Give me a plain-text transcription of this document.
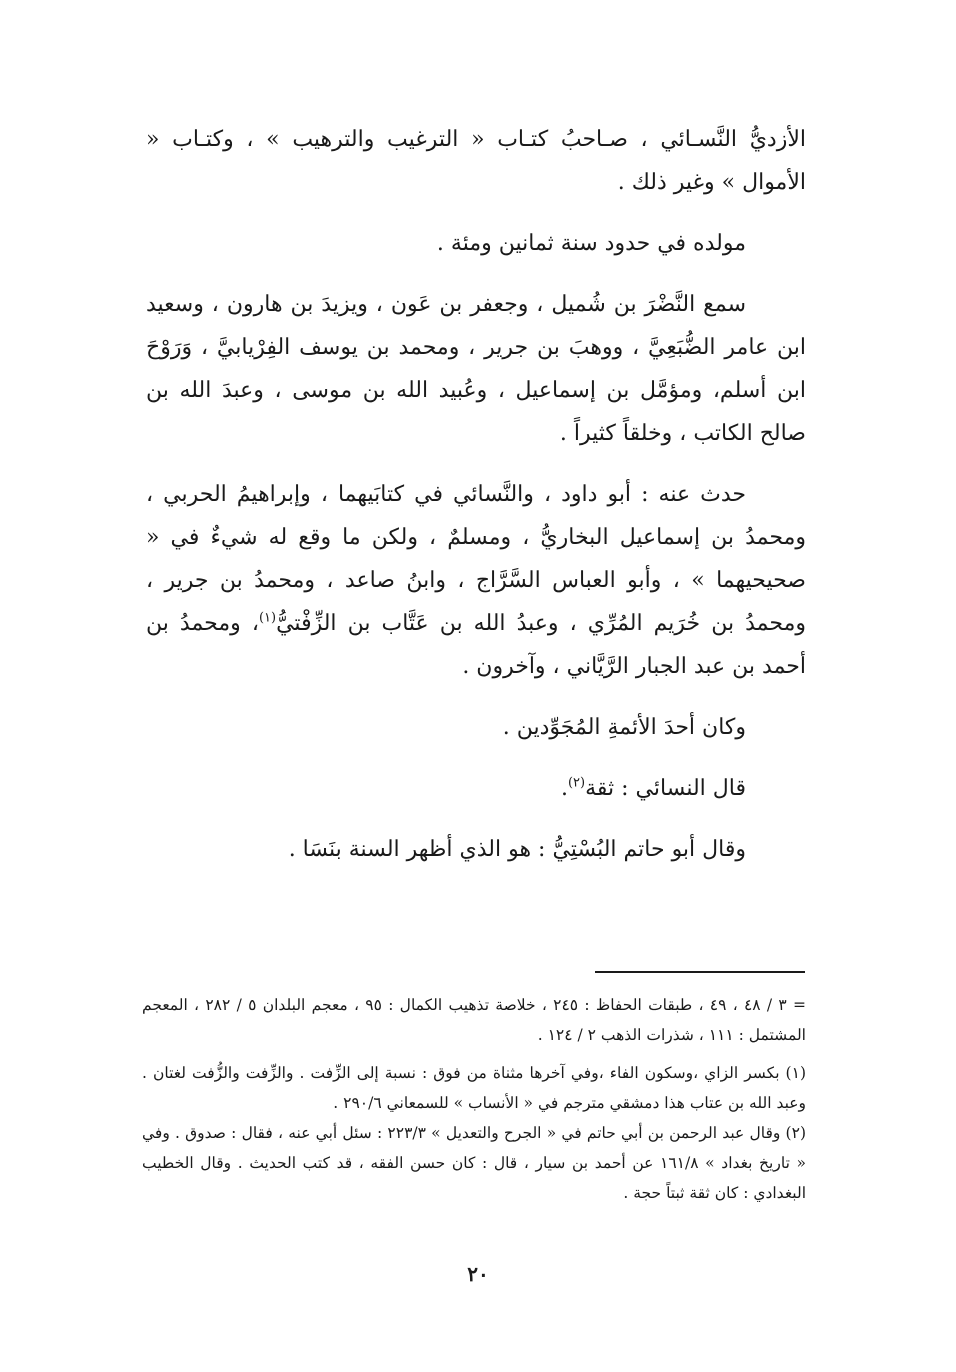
الأزديُّ النَّسـائي ، صـاحبُ كتـاب « الترغيب والترهيب » ، وكتـاب « الأموال » وغير ذلك .

مولده في حدود سنة ثمانين ومئة .

سمع النَّضْرَ بن شُميل ، وجعفر بن عَون ، ويزيدَ بن هارون ، وسعيد ابن عامر الضُّبَعِيَّ ، ووهبَ بن جرير ، ومحمد بن يوسف الفِرْيابيَّ ، وَرَوْحَ ابن أسلم، ومؤمَّل بن إسماعيل ، وعُبيد الله بن موسى ، وعبدَ الله بن صالح الكاتب ، وخلقاً كثيراً .

حدث عنه : أبو داود ، والنَّسائي في كتابَيهما ، وإبراهيمُ الحربي ، ومحمدُ بن إسماعيل البخاريُّ ، ومسلمٌ ، ولكن ما وقع له شيءٌ في « صحيحيهما » ، وأبو العباس السَّرَّاج ، وابنُ صاعد ، ومحمدُ بن جرير ، ومحمدُ بن خُرَيم المُرِّي ، وعبدُ الله بن عَتَّاب بن الزِّفْتيُّ$^{(١)}$، ومحمدُ بن أحمد بن عبد الجبار الرَّيَّاني ، وآخرون .

وكان أحدَ الأئمةِ المُجَوِّدين .

قال النسائي : ثقة$^{(٢)}$.

وقال أبو حاتم البُسْتِيُّ : هو الذي أظهر السنة بنَسَا .

= ٣ / ٤٨ ، ٤٩ ، طبقات الحفاظ : ٢٤٥ ، خلاصة تذهيب الكمال : ٩٥ ، معجم البلدان ٥ / ٢٨٢ ، المعجم المشتمل : ١١١ ، شذرات الذهب ٢ / ١٢٤ .

(١) بكسر الزاي ،وسكون الفاء ،وفي آخرها مثناة من فوق : نسبة إلى الزِّفت . والزِّفت والزُّفت لغتان . وعبد الله بن عتاب هذا دمشقي مترجم في « الأنساب » للسمعاني ٢٩٠/٦ .

(٢) وقال عبد الرحمن بن أبي حاتم في « الجرح والتعديل » ٢٢٣/٣ : سئل أبي عنه ، فقال : صدوق . وفي « تاريخ بغداد » ١٦١/٨ عن أحمد بن سيار ، قال : كان حسن الفقه ، قد كتب الحديث . وقال الخطيب البغدادي : كان ثقة ثبتاً حجة .

٢٠
